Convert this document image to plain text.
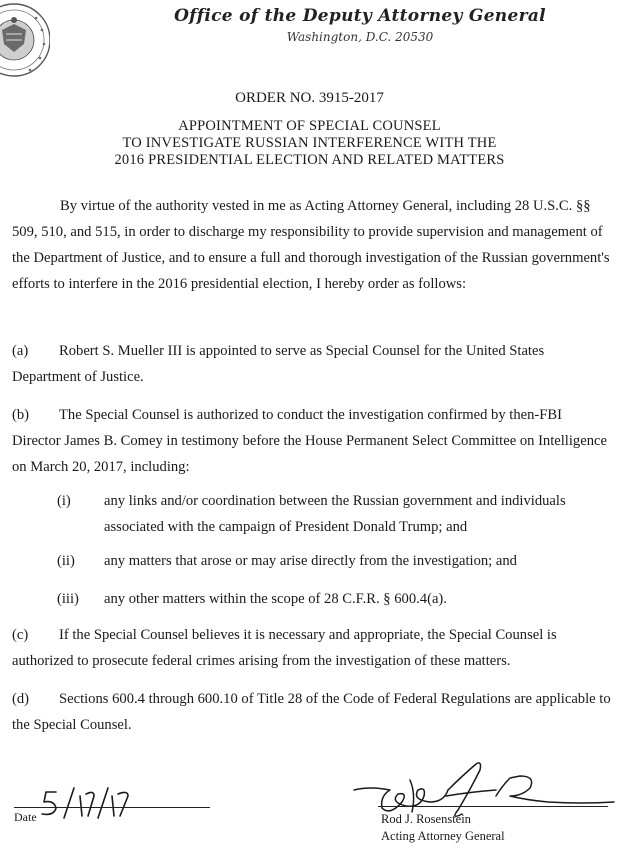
Office of the Deputy Attorney General
Washington, D.C. 20530
ORDER NO. 3915-2017
APPOINTMENT OF SPECIAL COUNSEL
TO INVESTIGATE RUSSIAN INTERFERENCE WITH THE
2016 PRESIDENTIAL ELECTION AND RELATED MATTERS
By virtue of the authority vested in me as Acting Attorney General, including 28 U.S.C. §§ 509, 510, and 515, in order to discharge my responsibility to provide supervision and management of the Department of Justice, and to ensure a full and thorough investigation of the Russian government's efforts to interfere in the 2016 presidential election, I hereby order as follows:
(a) Robert S. Mueller III is appointed to serve as Special Counsel for the United States Department of Justice.
(b) The Special Counsel is authorized to conduct the investigation confirmed by then-FBI Director James B. Comey in testimony before the House Permanent Select Committee on Intelligence on March 20, 2017, including:
(i) any links and/or coordination between the Russian government and individuals associated with the campaign of President Donald Trump; and
(ii) any matters that arose or may arise directly from the investigation; and
(iii) any other matters within the scope of 28 C.F.R. § 600.4(a).
(c) If the Special Counsel believes it is necessary and appropriate, the Special Counsel is authorized to prosecute federal crimes arising from the investigation of these matters.
(d) Sections 600.4 through 600.10 of Title 28 of the Code of Federal Regulations are applicable to the Special Counsel.
Date	Rod J. Rosenstein
Acting Attorney General
